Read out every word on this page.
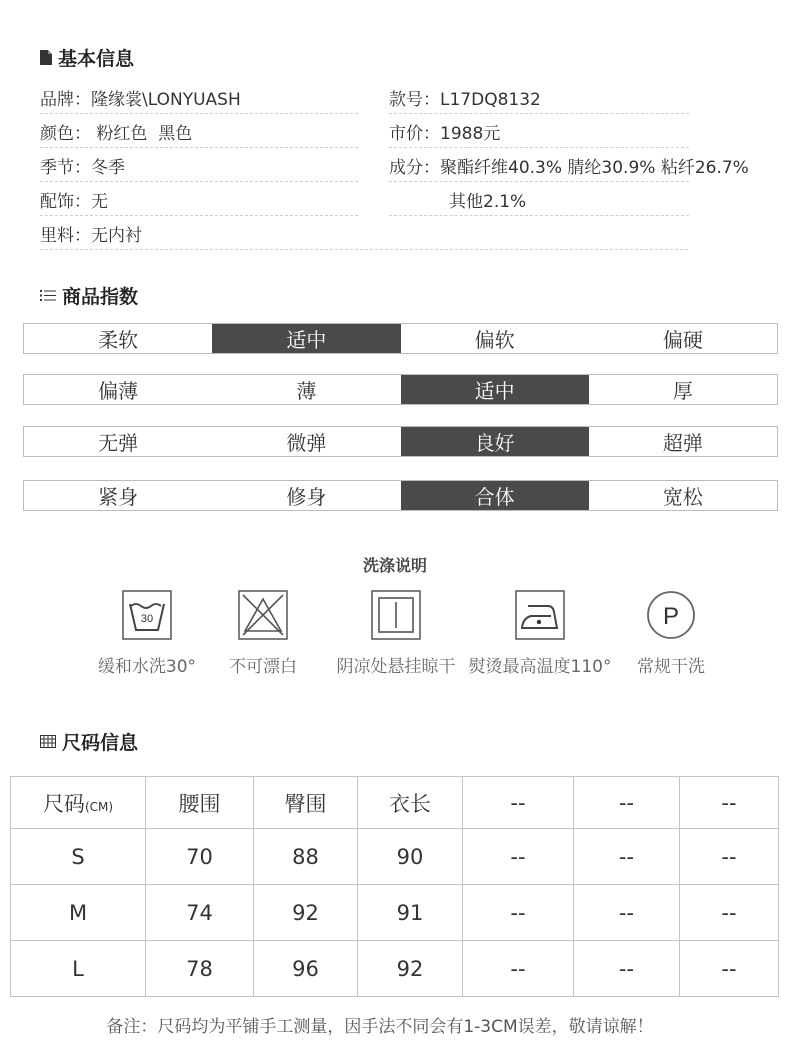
基本信息
品牌：隆缘裳\LONYUASH
颜色： 粉红色  黑色
季节：冬季
配饰：无
里料：无内衬
款号：L17DQ8132
市价：1988元
成分：聚酯纤维40.3% 腈纶30.9% 粘纤26.7%
其他2.1%
商品指数
柔软	适中	偏软	偏硬
偏薄	薄	适中	厚
无弹	微弹	良好	超弹
紧身	修身	合体	宽松
洗涤说明
30
缓和水洗30° 不可漂白 阴凉处悬挂晾干 熨烫最高温度110°
P
常规干洗
尺码信息
尺码(CM)	腰围	臀围	衣长	--	--	--
S	70	88	90	--	--	--
M	74	92	91	--	--	--
L	78	96	92	--	--	--
备注：尺码均为平铺手工测量，因手法不同会有1-3CM误差，敬请谅解！
